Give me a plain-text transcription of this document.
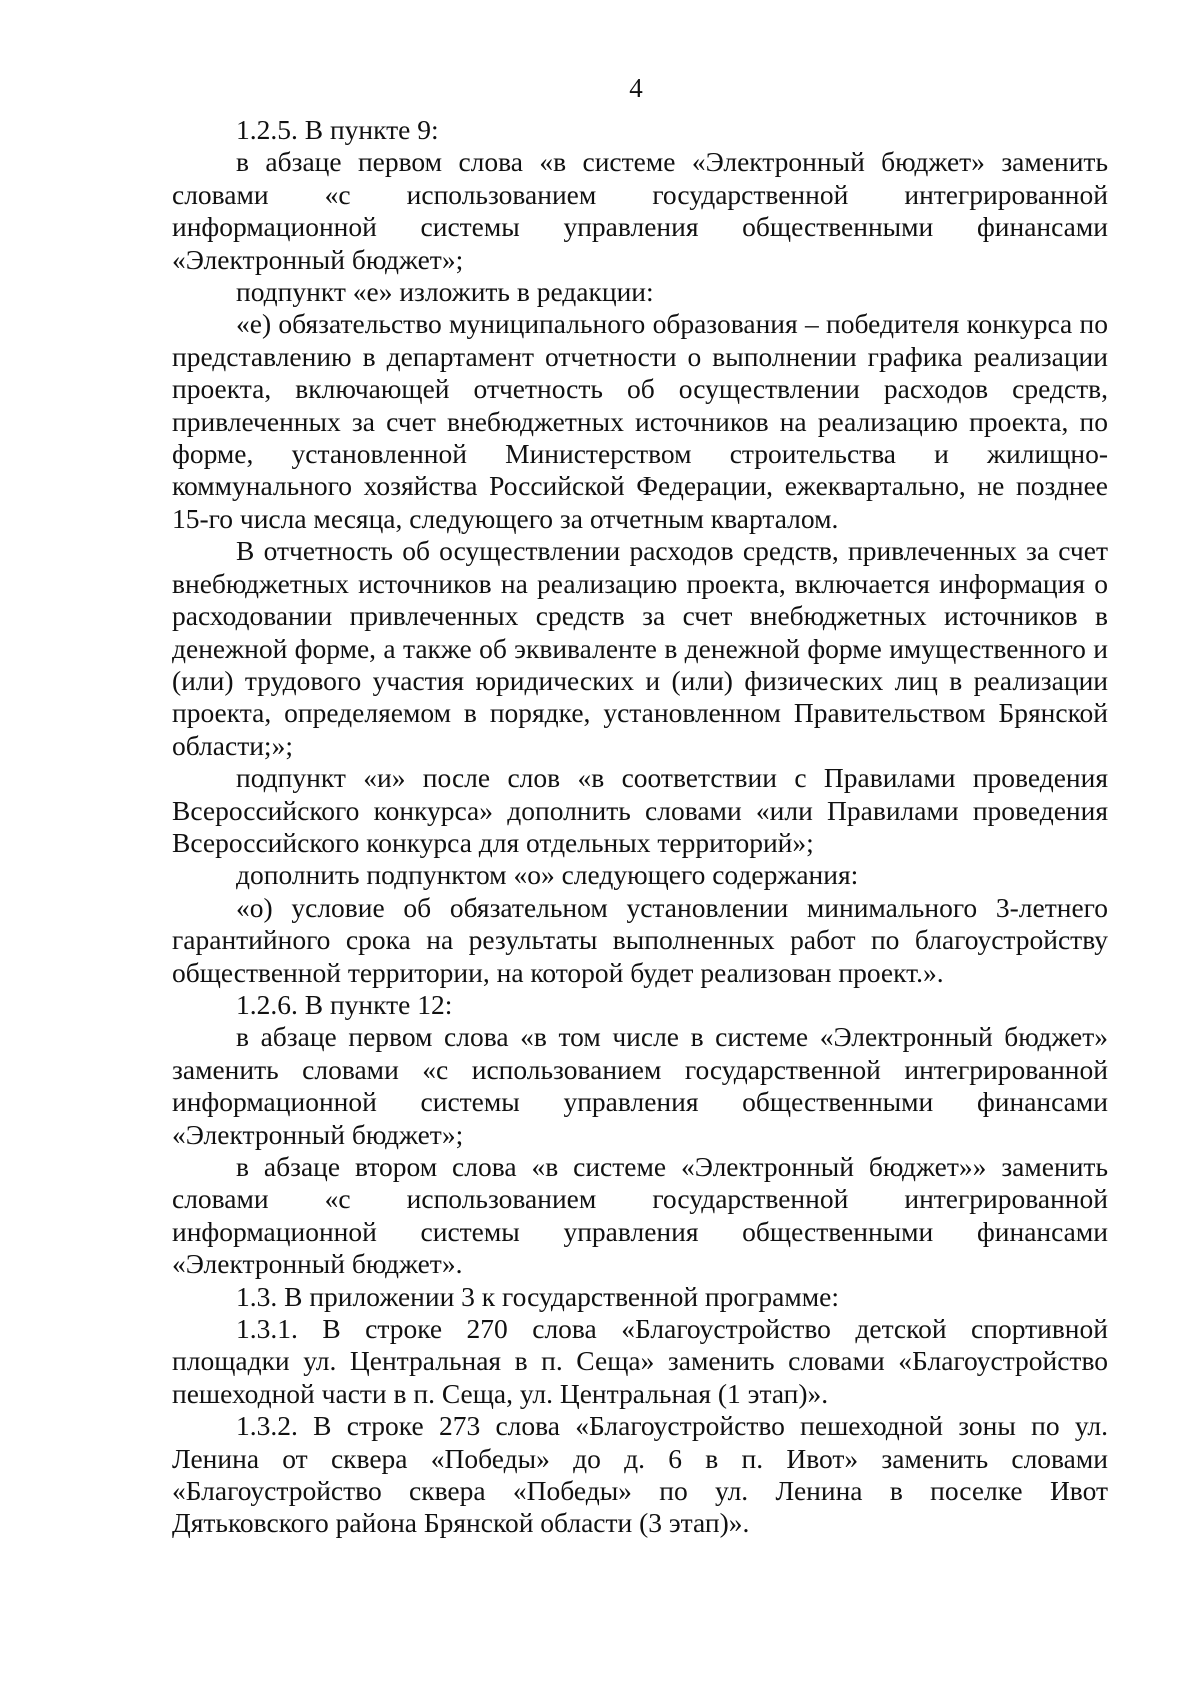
4

1.2.5. В пункте 9:

в абзаце первом слова «в системе «Электронный бюджет» заменить словами «с использованием государственной интегрированной информационной системы управления общественными финансами «Электронный бюджет»;

подпункт «е» изложить в редакции:

«е) обязательство муниципального образования – победителя конкурса по представлению в департамент отчетности о выполнении графика реализации проекта, включающей отчетность об осуществлении расходов средств, привлеченных за счет внебюджетных источников на реализацию проекта, по форме, установленной Министерством строительства и жилищно-коммунального хозяйства Российской Федерации, ежеквартально, не позднее 15-го числа месяца, следующего за отчетным кварталом.

В отчетность об осуществлении расходов средств, привлеченных за счет внебюджетных источников на реализацию проекта, включается информация о расходовании привлеченных средств за счет внебюджетных источников в денежной форме, а также об эквиваленте в денежной форме имущественного и (или) трудового участия юридических и (или) физических лиц в реализации проекта, определяемом в порядке, установленном Правительством Брянской области;»;

подпункт «и» после слов «в соответствии с Правилами проведения Всероссийского конкурса» дополнить словами «или Правилами проведения Всероссийского конкурса для отдельных территорий»;

дополнить подпунктом «о» следующего содержания:

«о) условие об обязательном установлении минимального 3-летнего гарантийного срока на результаты выполненных работ по благоустройству общественной территории, на которой будет реализован проект.».

1.2.6. В пункте 12:

в абзаце первом слова «в том числе в системе «Электронный бюджет» заменить словами «с использованием государственной интегрированной информационной системы управления общественными финансами «Электронный бюджет»;

в абзаце втором слова «в системе «Электронный бюджет»» заменить словами «с использованием государственной интегрированной информационной системы управления общественными финансами «Электронный бюджет».

1.3. В приложении 3 к государственной программе:

1.3.1. В строке 270 слова «Благоустройство детской спортивной площадки ул. Центральная в п. Сеща» заменить словами «Благоустройство пешеходной части в п. Сеща, ул. Центральная (1 этап)».

1.3.2. В строке 273 слова «Благоустройство пешеходной зоны по ул. Ленина от сквера «Победы» до д. 6 в п. Ивот» заменить словами «Благоустройство сквера «Победы» по ул. Ленина в поселке Ивот Дятьковского района Брянской области (3 этап)».
